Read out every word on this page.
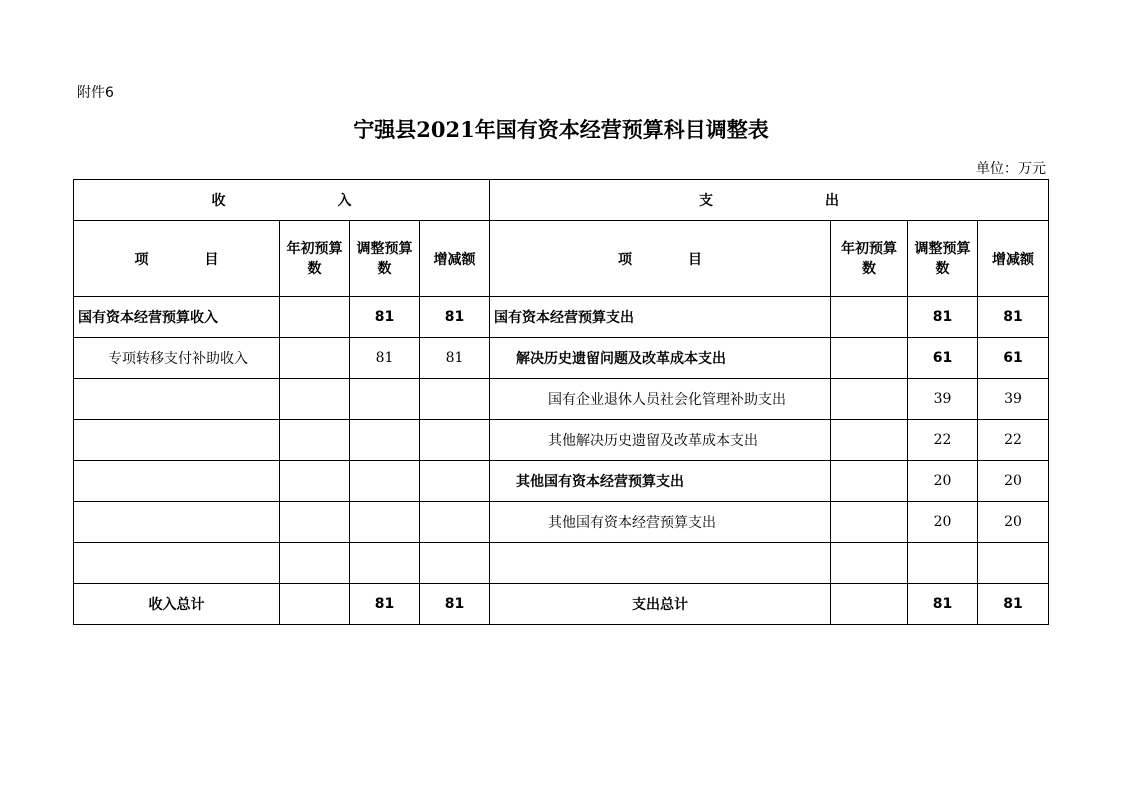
附件6
宁强县2021年国有资本经营预算科目调整表
单位：万元
收　　　　　　　　入				支　　　　　　　　出			
项　　　　目	年初预算数	调整预算数	增减额	项　　　　目	年初预算数	调整预算数	增减额
国有资本经营预算收入		81	81	国有资本经营预算支出		81	81
专项转移支付补助收入		81	81	解决历史遗留问题及改革成本支出		61	61
				国有企业退休人员社会化管理补助支出		39	39
				其他解决历史遗留及改革成本支出		22	22
				其他国有资本经营预算支出		20	20
				其他国有资本经营预算支出		20	20

收入总计		81	81	支出总计		81	81
